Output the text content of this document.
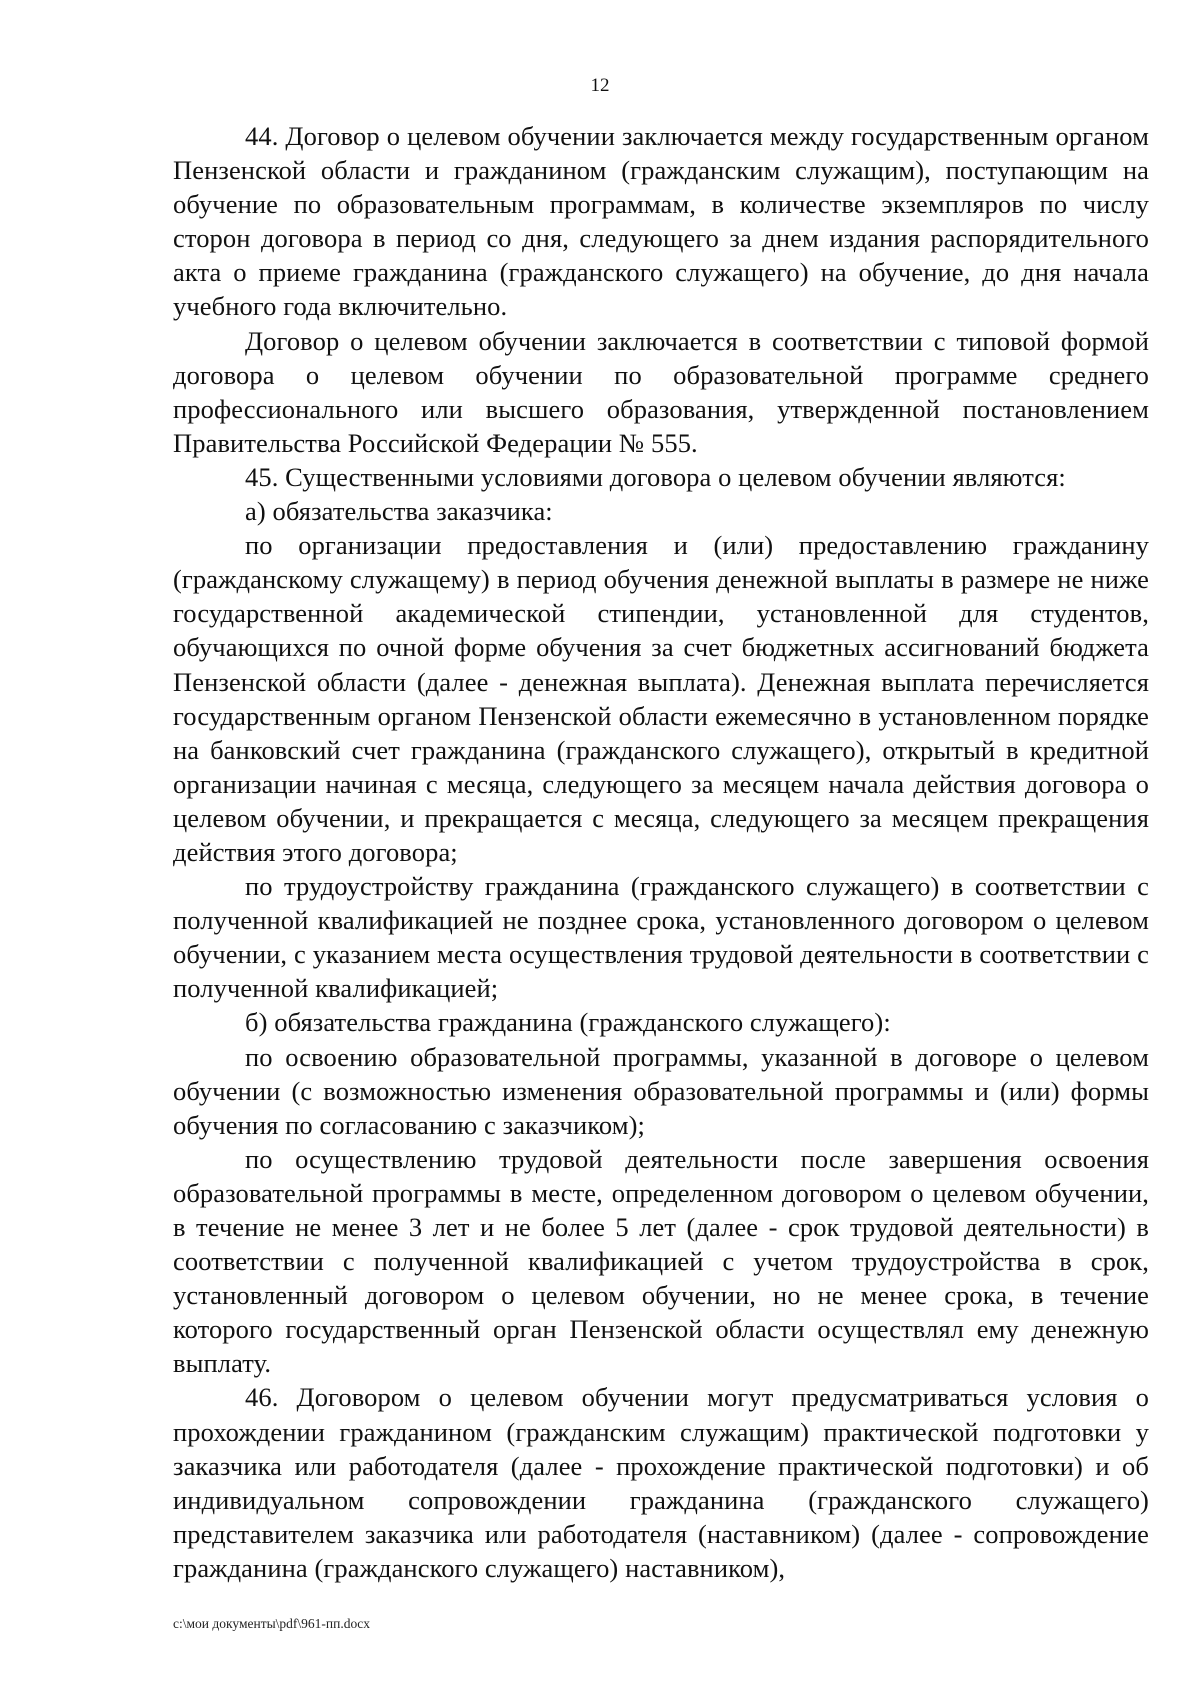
12

44. Договор о целевом обучении заключается между государственным органом Пензенской области и гражданином (гражданским служащим), поступающим на обучение по образовательным программам, в количестве экземпляров по числу сторон договора в период со дня, следующего за днем издания распорядительного акта о приеме гражданина (гражданского служащего) на обучение, до дня начала учебного года включительно.

Договор о целевом обучении заключается в соответствии с типовой формой договора о целевом обучении по образовательной программе среднего профессионального или высшего образования, утвержденной постановлением Правительства Российской Федерации № 555.

45. Существенными условиями договора о целевом обучении являются:

а) обязательства заказчика:

по организации предоставления и (или) предоставлению гражданину (гражданскому служащему) в период обучения денежной выплаты в размере не ниже государственной академической стипендии, установленной для студентов, обучающихся по очной форме обучения за счет бюджетных ассигнований бюджета Пензенской области (далее - денежная выплата). Денежная выплата перечисляется государственным органом Пензенской области ежемесячно в установленном порядке на банковский счет гражданина (гражданского служащего), открытый в кредитной организации начиная с месяца, следующего за месяцем начала действия договора о целевом обучении, и прекращается с месяца, следующего за месяцем прекращения действия этого договора;

по трудоустройству гражданина (гражданского служащего) в соответствии с полученной квалификацией не позднее срока, установленного договором о целевом обучении, с указанием места осуществления трудовой деятельности в соответствии с полученной квалификацией;

б) обязательства гражданина (гражданского служащего):

по освоению образовательной программы, указанной в договоре о целевом обучении (с возможностью изменения образовательной программы и (или) формы обучения по согласованию с заказчиком);

по осуществлению трудовой деятельности после завершения освоения образовательной программы в месте, определенном договором о целевом обучении, в течение не менее 3 лет и не более 5 лет (далее - срок трудовой деятельности) в соответствии с полученной квалификацией с учетом трудоустройства в срок, установленный договором о целевом обучении, но не менее срока, в течение которого государственный орган Пензенской области осуществлял ему денежную выплату.

46. Договором о целевом обучении могут предусматриваться условия о прохождении гражданином (гражданским служащим) практической подготовки у заказчика или работодателя (далее - прохождение практической подготовки) и об индивидуальном сопровождении гражданина (гражданского служащего) представителем заказчика или работодателя (наставником) (далее - сопровождение гражданина (гражданского служащего) наставником),

c:\мои документы\pdf\961-пп.docx
